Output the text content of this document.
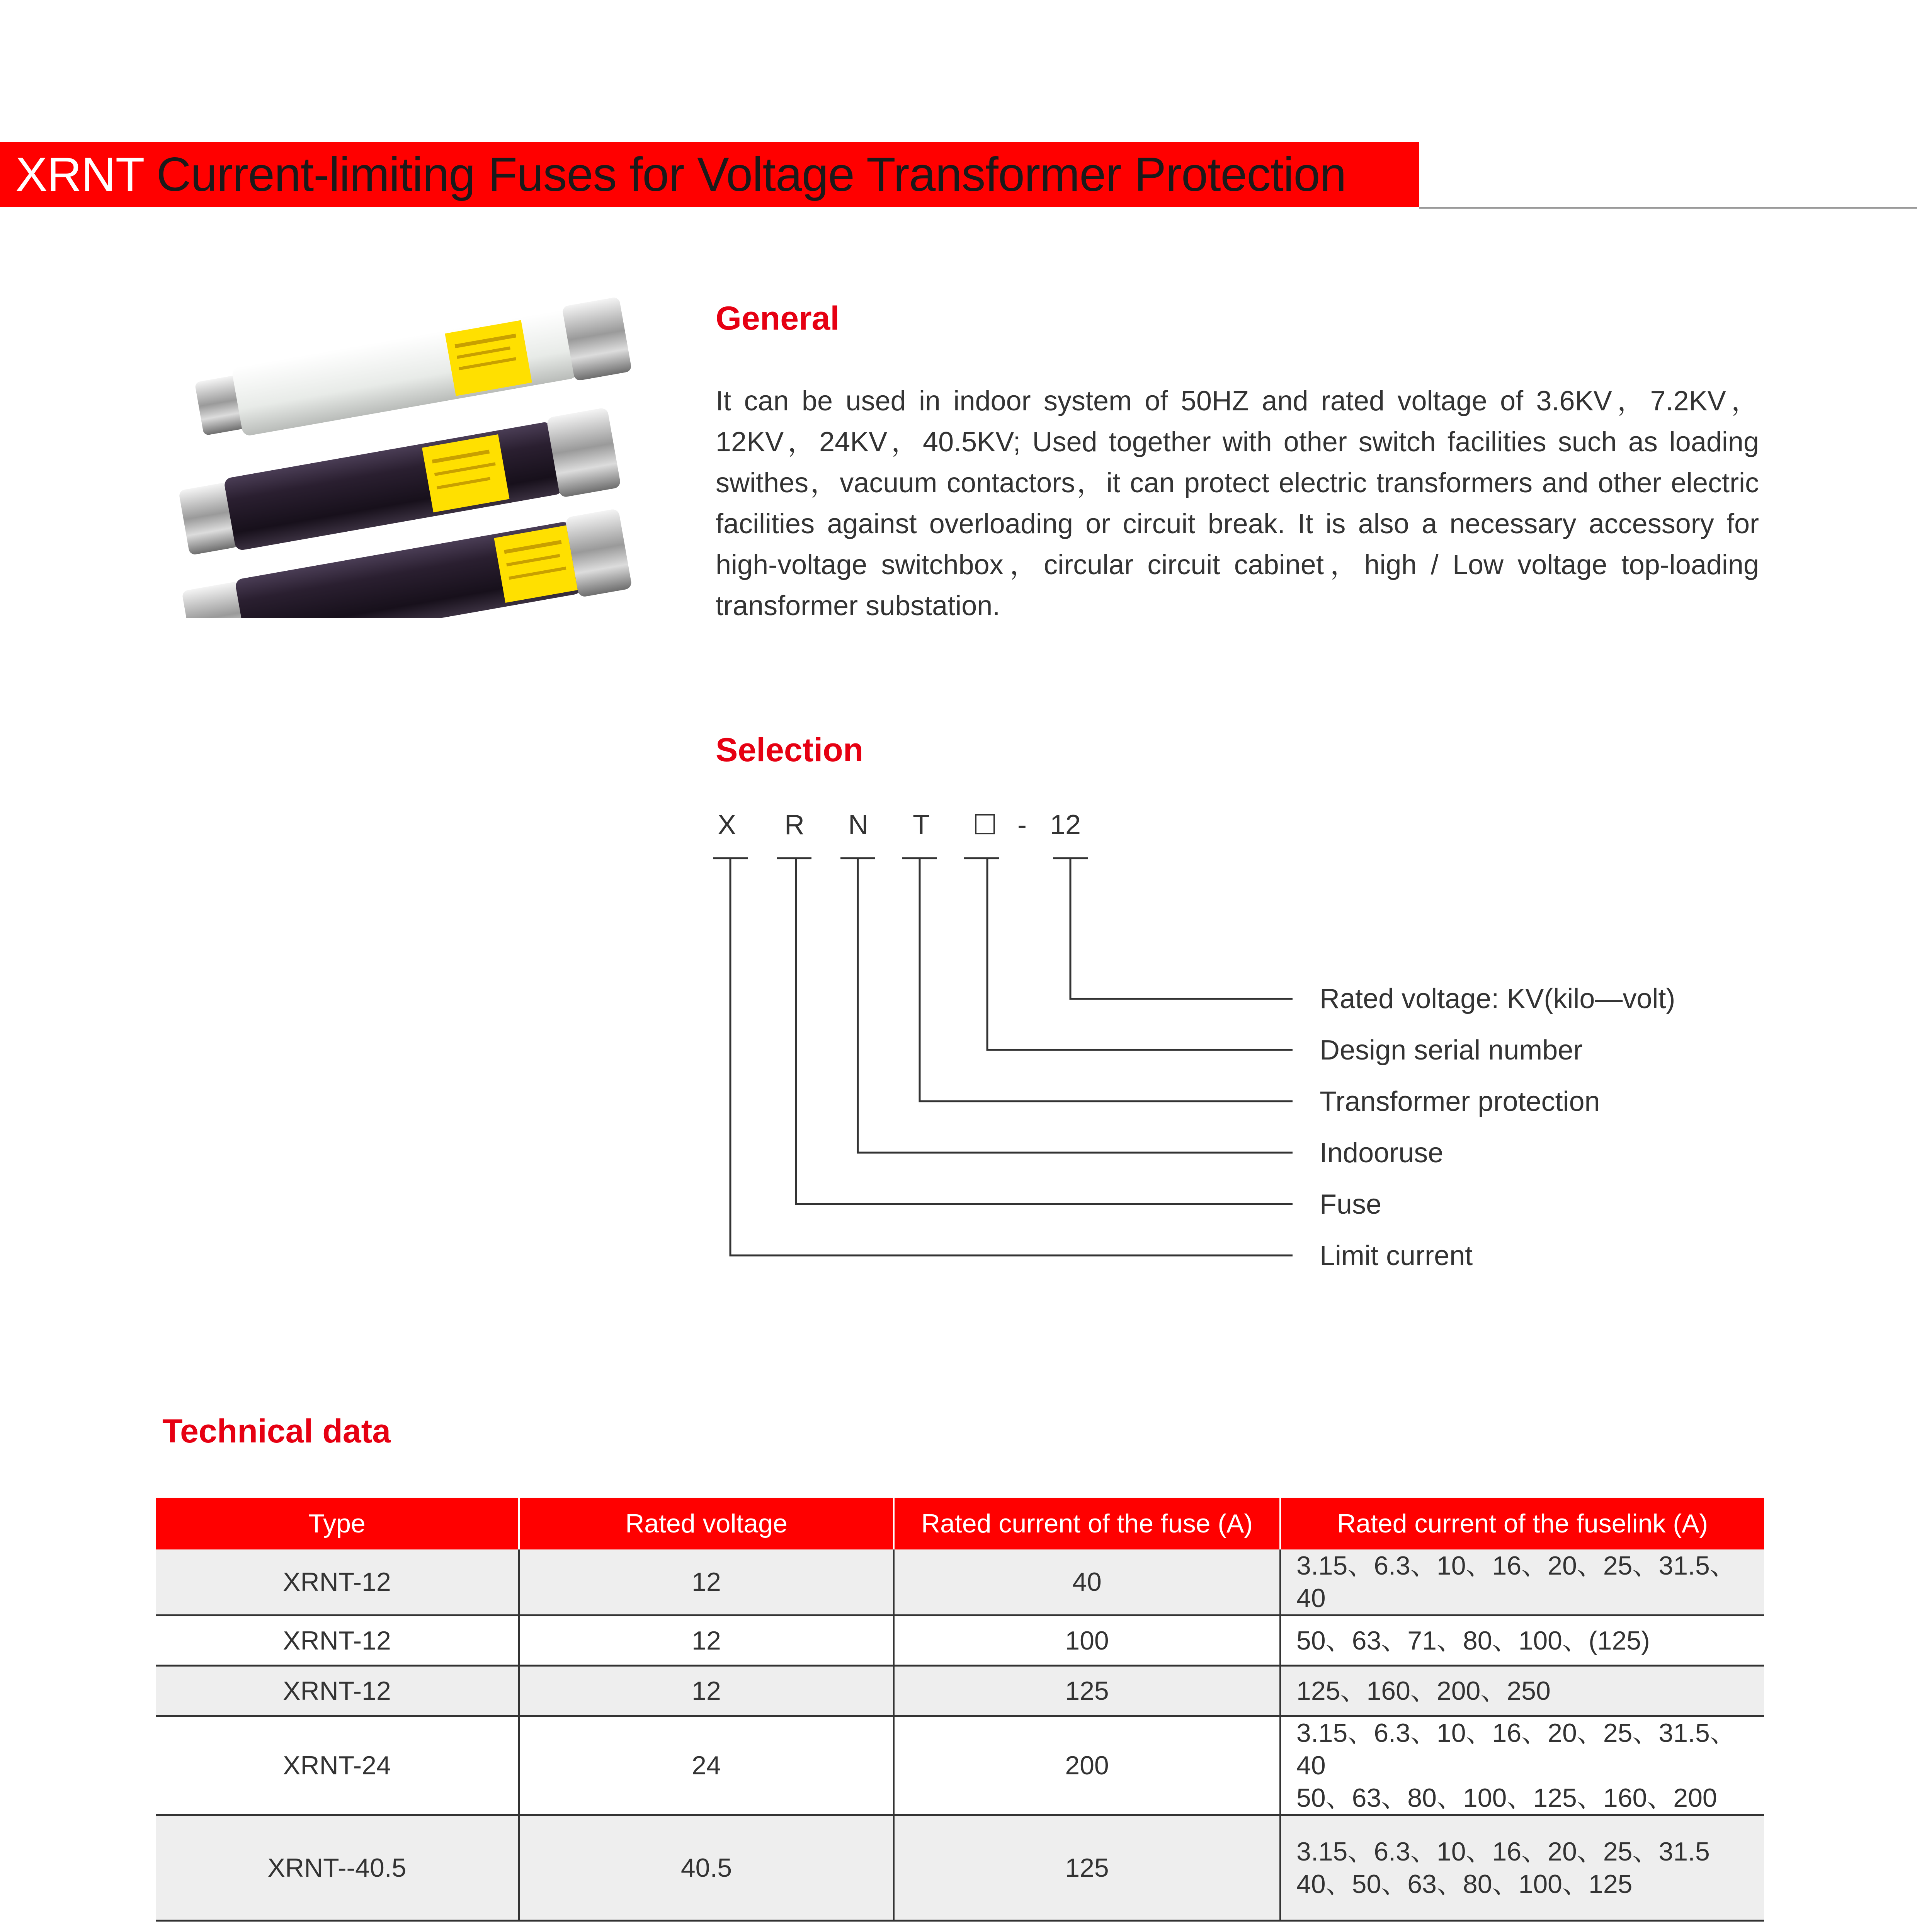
XRNT Current-limiting Fuses for Voltage Transformer Protection
General
It can be used in indoor system of 50HZ and rated voltage of 3.6KV，7.2KV，12KV，24KV，40.5KV; Used together with other switch facilities such as loading swithes，vacuum contactors，it can protect electric transformers and other electric facilities against overloading or circuit break. It is also a necessary accessory for high-voltage switchbox，circular circuit cabinet，high / Low voltage top-loading transformer substation.
Selection
X R N	T	☐ - 12
Rated voltage: KV(kilo—volt)
Design serial number
Transformer protection
Indooruse
Fuse
Limit current
Technical data
Type	Rated voltage	Rated current of the fuse (A)	Rated current of the fuselink (A)
XRNT-12	12	40	3.15、6.3、10、16、20、25、31.5、40

XRNT-12	12	100	50、63、71、80、100、(125)

XRNT-12	12	125	125、160、200、250

XRNT-24	24	200	3.15、6.3、10、16、20、25、31.5、40
50、63、80、100、125、160、200

XRNT--40.5	40.5	125	3.15、6.3、10、16、20、25、31.5
40、50、63、80、100、125
